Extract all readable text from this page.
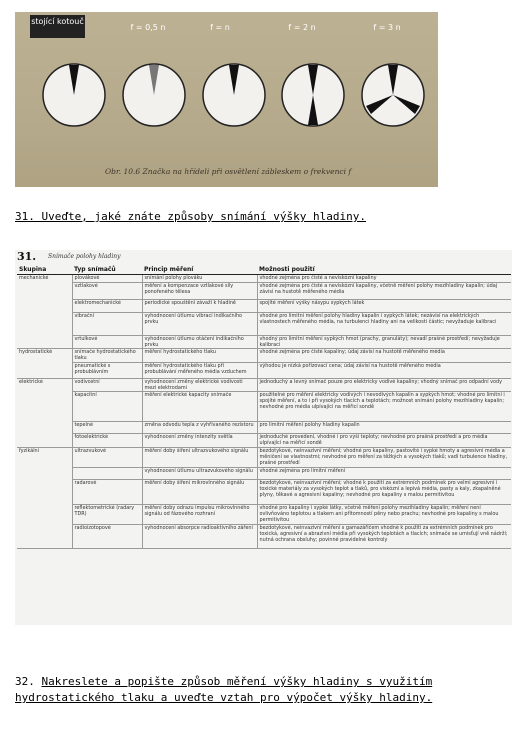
stojící kotouč
f = 0,5 n	f = n	f = 2 n	f = 3 n
Obr. 10.6 Značka na hřídeli při osvětlení zábleskem o frekvenci f
31. Uveďte, jaké znáte způsoby snímání výšky hladiny.
31. Snímače polohy hladiny
Skupina	Typ snímačů	Princip měření	Možnosti použití
mechanické	plovákové	snímání polohy plováku	vhodné zejména pro čisté a neviskózní kapaliny
	vztlakové	měření a kompenzace vztlakové síly ponořeného tělesa	vhodné zejména pro čisté a neviskózní kapaliny, včetně měření polohy mezihladiny kapalin; údaj závisí na hustotě měřeného média
	elektromechanické	periodické spouštění závaží k hladině	spojité měření výšky násypu sypkých látek
	vibrační	vyhodnocení útlumu vibrací indikačního prvku	vhodné pro limitní měření polohy hladiny kapalin i sypkých látek; nezávisí na elektrických vlastnostech měřeného média, na turbulenci hladiny ani na velikosti částic; nevyžaduje kalibraci
	vrtulkové	vyhodnocení útlumu otáčení indikačního prvku	vhodný pro limitní měření sypkých hmot (prachy, granuláty); nevadí prašné prostředí; nevyžaduje kalibraci
hydrostatické	snímače hydrostatického tlaku	měření hydrostatického tlaku	vhodné zejména pro čisté kapaliny; údaj závisí na hustotě měřeného média
	pneumatické s probublávním	měření hydrostatického tlaku při probublávání měřeného média vzduchem	výhodou je nízká pořizovací cena; údaj závisí na hustotě měřeného média
elektrické	vodivostní	vyhodnocení změny elektrické vodivosti mezi elektrodami	jednoduchý a levný snímač pouze pro elektricky vodivé kapaliny; vhodný snímač pro odpadní vody
	kapacitní	měření elektrické kapacity snímače	použitelné pro měření elektricky vodivých i nevodivých kapalin a sypkých hmot; vhodné pro limitní i spojité měření, a to i při vysokých tlacích a teplotách; možnost snímání polohy mezihladiny kapalin; nevhodné pro média ulpívající na měřicí sondě
	tepelné	změna odvodu tepla z vyhřívaného rezistoru	pro limitní měření polohy hladiny kapalin
	fotoelektrické	vyhodnocení změny intenzity světla	jednoduché provedení, vhodné i pro výši teploty; nevhodné pro prašná prostředí a pro média ulpívající na měřicí sondě
fyzikální	ultrazvukové	měření doby šíření ultrazvukového signálu	bezdotykové, neinvazivní měření; vhodné pro kapaliny, pastovité i sypké hmoty a agresivní média a měničení se vlastnostmi; nevhodné pro měření za těžkých a vysokých tlaků; vadí turbulence hladiny, prašné prostředí
		vyhodnocení útlumu ultrazvukového signálu	vhodné zejména pro limitní měření
	radarové	měření doby šíření mikrovlnného signálu	bezdotykové, neinvazivní měření; vhodné k použití za extrémních podmínek pro velmi agresivní i toxické materiály za vysokých teplot a tlaků, pro viskózní a lepivá média, pasty a kaly, zkapalněné plyny, těkavé a agresivní kapaliny; nevhodné pro kapaliny s malou permitivitou
	reflektometrické (radary TDR)	měření doby odrazu impulsu mikrovlnného signálu od fázového rozhraní	vhodné pro kapaliny i sypké látky, včetně měření polohy mezihladiny kapalin; měření není ovlivňováno teplotou a tlakem ani přítomností pěny nebo prachu; nevhodné pro kapaliny s malou permitivitou
	radioizotopové	vyhodnocení absorpce radioaktivního záření	bezdotykové, neinvazivní měření s gamazářičem vhodné k použití za extrémních podmínek pro toxická, agresivní a abrazivní média při vysokých teplotách a tlacích; snímače se umisťují vně nádrží; nutná ochrana obsluhy; povinné pravidelné kontroly
32. Nakreslete a popište způsob měření výšky hladiny s využitím
hydrostatického tlaku a uveďte vztah pro výpočet výšky hladiny.
